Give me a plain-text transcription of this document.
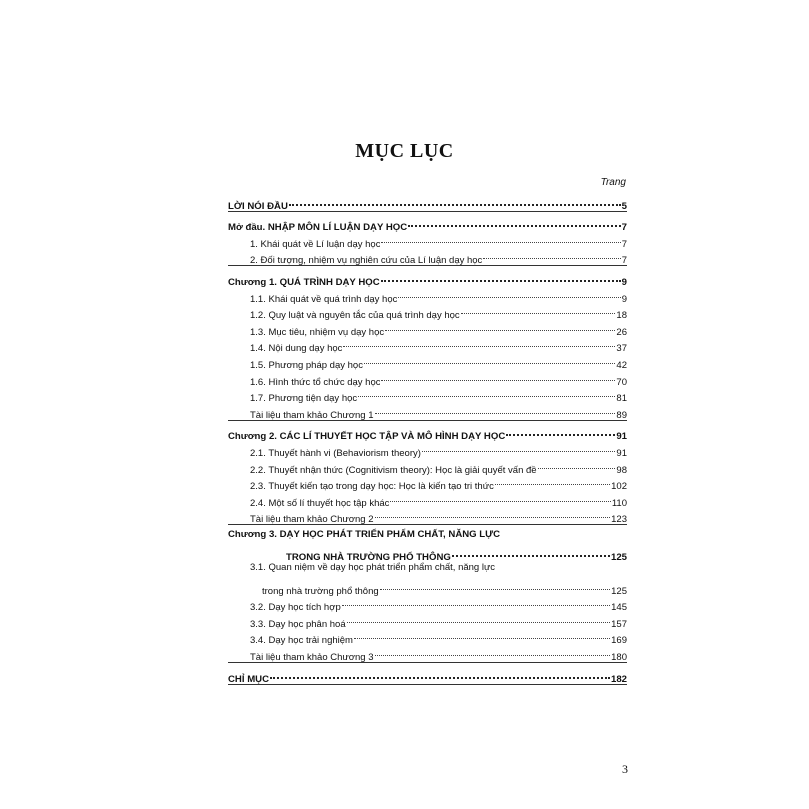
MỤC LỤC
Trang
LỜI NÓI ĐẦU	5
Mở đầu. NHẬP MÔN LÍ LUẬN DẠY HỌC	7
1. Khái quát về Lí luận dạy học	7
2. Đối tượng, nhiệm vụ nghiên cứu của Lí luận dạy học	7
Chương 1. QUÁ TRÌNH DẠY HỌC	9
1.1. Khái quát về quá trình dạy học	9
1.2. Quy luật và nguyên tắc của quá trình dạy học	18
1.3. Mục tiêu, nhiệm vụ dạy học	26
1.4. Nội dung dạy học	37
1.5. Phương pháp dạy học	42
1.6. Hình thức tổ chức dạy học	70
1.7. Phương tiện dạy học	81
Tài liệu tham khảo Chương 1	89
Chương 2. CÁC LÍ THUYẾT HỌC TẬP VÀ MÔ HÌNH DẠY HỌC	91
2.1. Thuyết hành vi (Behaviorism theory)	91
2.2. Thuyết nhận thức (Cognitivism theory): Học là giải quyết vấn đề	98
2.3. Thuyết kiến tạo trong dạy học: Học là kiến tạo tri thức	102
2.4. Một số lí thuyết học tập khác	110
Tài liệu tham khảo Chương 2	123
Chương 3. DẠY HỌC PHÁT TRIỂN PHẨM CHẤT, NĂNG LỰC
TRONG NHÀ TRƯỜNG PHỔ THÔNG	125
3.1. Quan niệm về dạy học phát triển phẩm chất, năng lực
trong nhà trường phổ thông	125
3.2. Dạy học tích hợp	145
3.3. Dạy học phân hoá	157
3.4. Dạy học trải nghiệm	169
Tài liệu tham khảo Chương 3	180
CHỈ MỤC	182
3
